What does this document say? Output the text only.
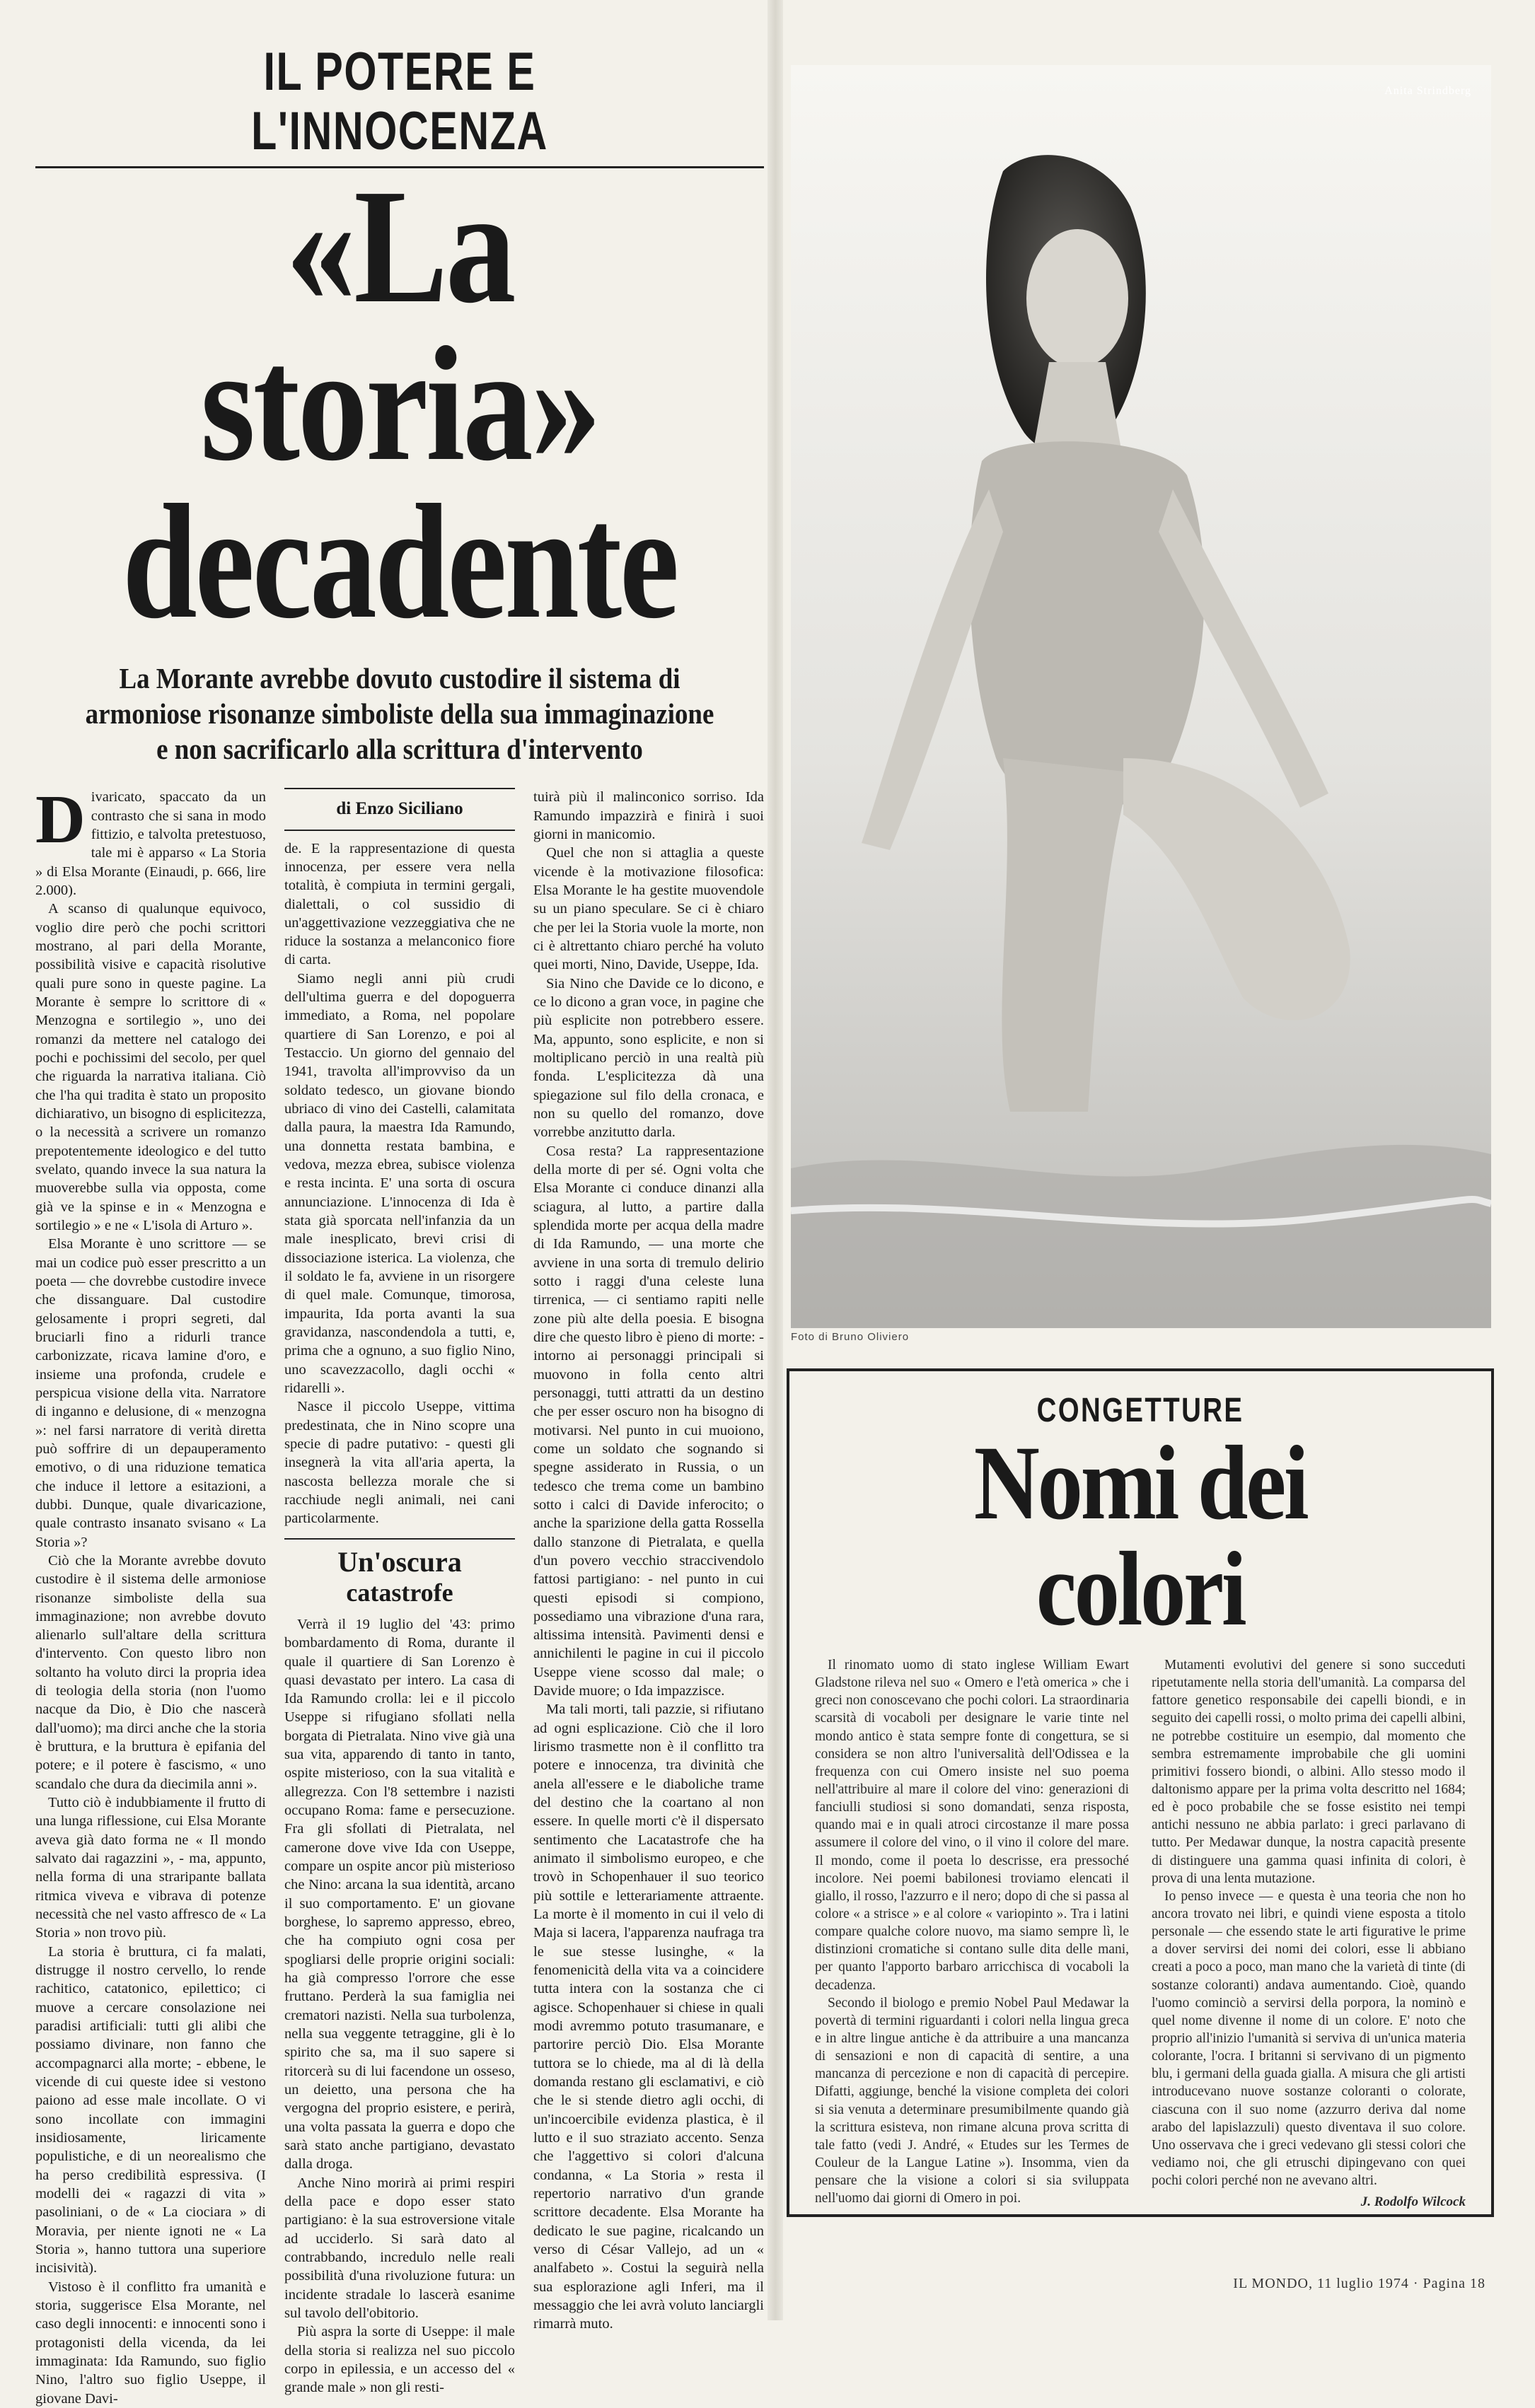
IL POTERE E L'INNOCENZA
«La storia»
decadente
La Morante avrebbe dovuto custodire il sistema di armoniose risonanze simboliste della sua immaginazione e non sacrificarlo alla scrittura d'intervento

Divaricato, spaccato da un contrasto che si sana in modo fittizio, e talvolta pretestuoso, tale mi è apparso « La Storia » di Elsa Morante (Einaudi, p. 666, lire 2.000).

A scanso di qualunque equivoco, voglio dire però che pochi scrittori mostrano, al pari della Morante, possibilità visive e capacità risolutive quali pure sono in queste pagine. La Morante è sempre lo scrittore di « Menzogna e sortilegio », uno dei romanzi da mettere nel catalogo dei pochi e pochissimi del secolo, per quel che riguarda la narrativa italiana. Ciò che l'ha qui tradita è stato un proposito dichiarativo, un bisogno di esplicitezza, o la necessità a scrivere un romanzo prepotentemente ideologico e del tutto svelato, quando invece la sua natura la muoverebbe sulla via opposta, come già ve la spinse e in « Menzogna e sortilegio » e ne « L'isola di Arturo ».

Elsa Morante è uno scrittore — se mai un codice può esser prescritto a un poeta — che dovrebbe custodire invece che dissanguare. Dal custodire gelosamente i propri segreti, dal bruciarli fino a ridurli trance carbonizzate, ricava lamine d'oro, e insieme una profonda, crudele e perspicua visione della vita. Narratore di inganno e delusione, di « menzogna »: nel farsi narratore di verità diretta può soffrire di un depauperamento emotivo, o di una riduzione tematica che induce il lettore a esitazioni, a dubbi. Dunque, quale divaricazione, quale contrasto insanato svisano « La Storia »?

Ciò che la Morante avrebbe dovuto custodire è il sistema delle armoniose risonanze simboliste della sua immaginazione; non avrebbe dovuto alienarlo sull'altare della scrittura d'intervento. Con questo libro non soltanto ha voluto dirci la propria idea di teologia della storia (non l'uomo nacque da Dio, è Dio che nascerà dall'uomo); ma dirci anche che la storia è bruttura, e la bruttura è epifania del potere; e il potere è fascismo, « uno scandalo che dura da diecimila anni ».

Tutto ciò è indubbiamente il frutto di una lunga riflessione, cui Elsa Morante aveva già dato forma ne « Il mondo salvato dai ragazzini », - ma, appunto, nella forma di una straripante ballata ritmica viveva e vibrava di potenze necessità che nel vasto affresco de « La Storia » non trovo più.

La storia è bruttura, ci fa malati, distrugge il nostro cervello, lo rende rachitico, catatonico, epilettico; ci muove a cercare consolazione nei paradisi artificiali: tutti gli alibi che possiamo divinare, non fanno che accompagnarci alla morte; - ebbene, le vicende di cui queste idee si vestono paiono ad esse male incollate. O vi sono incollate con immagini insidiosamente, liricamente populistiche, e di un neorealismo che ha perso credibilità espressiva. (I modelli dei « ragazzi di vita » pasoliniani, o de « La ciociara » di Moravia, per niente ignoti ne « La Storia », hanno tuttora una superiore incisività).

Vistoso è il conflitto fra umanità e storia, suggerisce Elsa Morante, nel caso degli innocenti: e innocenti sono i protagonisti della vicenda, da lei immaginata: Ida Ramundo, suo figlio Nino, l'altro suo figlio Useppe, il giovane Davi-

di Enzo Siciliano

de. E la rappresentazione di questa innocenza, per essere vera nella totalità, è compiuta in termini gergali, dialettali, o col sussidio di un'aggettivazione vezzeggiativa che ne riduce la sostanza a melanconico fiore di carta.

Siamo negli anni più crudi dell'ultima guerra e del dopoguerra immediato, a Roma, nel popolare quartiere di San Lorenzo, e poi al Testaccio. Un giorno del gennaio del 1941, travolta all'improvviso da un soldato tedesco, un giovane biondo ubriaco di vino dei Castelli, calamitata dalla paura, la maestra Ida Ramundo, una donnetta restata bambina, e vedova, mezza ebrea, subisce violenza e resta incinta. E' una sorta di oscura annunciazione. L'innocenza di Ida è stata già sporcata nell'infanzia da un male inesplicato, brevi crisi di dissociazione isterica. La violenza, che il soldato le fa, avviene in un risorgere di quel male. Comunque, timorosa, impaurita, Ida porta avanti la sua gravidanza, nascondendola a tutti, e, prima che a ognuno, a suo figlio Nino, uno scavezzacollo, dagli occhi « ridarelli ».

Nasce il piccolo Useppe, vittima predestinata, che in Nino scopre una specie di padre putativo: - questi gli insegnerà la vita all'aria aperta, la nascosta bellezza morale che si racchiude negli animali, nei cani particolarmente.

Un'oscura
catastrofe

Verrà il 19 luglio del '43: primo bombardamento di Roma, durante il quale il quartiere di San Lorenzo è quasi devastato per intero. La casa di Ida Ramundo crolla: lei e il piccolo Useppe si rifugiano sfollati nella borgata di Pietralata. Nino vive già una sua vita, apparendo di tanto in tanto, ospite misterioso, con la sua vitalità e allegrezza. Con l'8 settembre i nazisti occupano Roma: fame e persecuzione. Fra gli sfollati di Pietralata, nel camerone dove vive Ida con Useppe, compare un ospite ancor più misterioso che Nino: arcana la sua identità, arcano il suo comportamento. E' un giovane borghese, lo sapremo appresso, ebreo, che ha compiuto ogni cosa per spogliarsi delle proprie origini sociali: ha già compresso l'orrore che esse fruttano. Perderà la sua famiglia nei crematori nazisti. Nella sua turbolenza, nella sua veggente tetraggine, gli è lo spirito che sa, ma il suo sapere si ritorcerà su di lui facendone un osseso, un deietto, una persona che ha vergogna del proprio esistere, e perirà, una volta passata la guerra e dopo che sarà stato anche partigiano, devastato dalla droga.

Anche Nino morirà ai primi respiri della pace e dopo esser stato partigiano: è la sua estroversione vitale ad ucciderlo. Si sarà dato al contrabbando, incredulo nelle reali possibilità d'una rivoluzione futura: un incidente stradale lo lascerà esanime sul tavolo dell'obitorio.

Più aspra la sorte di Useppe: il male della storia si realizza nel suo piccolo corpo in epilessia, e un accesso del « grande male » non gli resti-

tuirà più il malinconico sorriso. Ida Ramundo impazzirà e finirà i suoi giorni in manicomio.

Quel che non si attaglia a queste vicende è la motivazione filosofica: Elsa Morante le ha gestite muovendole su un piano speculare. Se ci è chiaro che per lei la Storia vuole la morte, non ci è altrettanto chiaro perché ha voluto quei morti, Nino, Davide, Useppe, Ida.

Sia Nino che Davide ce lo dicono, e ce lo dicono a gran voce, in pagine che più esplicite non potrebbero essere. Ma, appunto, sono esplicite, e non si moltiplicano perciò in una realtà più fonda. L'esplicitezza dà una spiegazione sul filo della cronaca, e non su quello del romanzo, dove vorrebbe anzitutto darla.

Cosa resta? La rappresentazione della morte di per sé. Ogni volta che Elsa Morante ci conduce dinanzi alla sciagura, al lutto, a partire dalla splendida morte per acqua della madre di Ida Ramundo, — una morte che avviene in una sorta di tremulo delirio sotto i raggi d'una celeste luna tirrenica, — ci sentiamo rapiti nelle zone più alte della poesia. E bisogna dire che questo libro è pieno di morte: - intorno ai personaggi principali si muovono in folla cento altri personaggi, tutti attratti da un destino che per esser oscuro non ha bisogno di motivarsi. Nel punto in cui muoiono, come un soldato che sognando si spegne assiderato in Russia, o un tedesco che trema come un bambino sotto i calci di Davide inferocito; o anche la sparizione della gatta Rossella dallo stanzone di Pietralata, e quella d'un povero vecchio straccivendolo fattosi partigiano: - nel punto in cui questi episodi si compiono, possediamo una vibrazione d'una rara, altissima intensità. Pavimenti densi e annichilenti le pagine in cui il piccolo Useppe viene scosso dal male; o Davide muore; o Ida impazzisce.

Ma tali morti, tali pazzie, si rifiutano ad ogni esplicazione. Ciò che il loro lirismo trasmette non è il conflitto tra potere e innocenza, tra divinità che anela all'essere e le diaboliche trame del destino che la coartano al non essere. In quelle morti c'è il dispersato sentimento che Lacatastrofe che ha animato il simbolismo europeo, e che trovò in Schopenhauer il suo teorico più sottile e letterariamente attraente. La morte è il momento in cui il velo di Maja si lacera, l'apparenza naufraga tra le sue stesse lusinghe, « la fenomenicità della vita va a coincidere tutta intera con la sostanza che ci agisce. Schopenhauer si chiese in quali modi avremmo potuto trasumanare, e partorire perciò Dio. Elsa Morante tuttora se lo chiede, ma al di là della domanda restano gli esclamativi, e ciò che le si stende dietro agli occhi, di un'incoercibile evidenza plastica, è il lutto e il suo straziato accento. Senza che l'aggettivo si colori d'alcuna condanna, « La Storia » resta il repertorio narrativo d'un grande scrittore decadente. Elsa Morante ha dedicato le sue pagine, ricalcando un verso di César Vallejo, ad un « analfabeto ». Costui la seguirà nella sua esplorazione agli Inferi, ma il messaggio che lei avrà voluto lanciargli rimarrà muto.

Anita Strindberg
Foto di Bruno Oliviero
CONGETTURE
Nomi dei colori

Il rinomato uomo di stato inglese William Ewart Gladstone rileva nel suo « Omero e l'età omerica » che i greci non conoscevano che pochi colori. La straordinaria scarsità di vocaboli per designare le varie tinte nel mondo antico è stata sempre fonte di congettura, se si considera se non altro l'universalità dell'Odissea e la frequenza con cui Omero insiste nel suo poema nell'attribuire al mare il colore del vino: generazioni di fanciulli studiosi si sono domandati, senza risposta, quando mai e in quali atroci circostanze il mare possa assumere il colore del vino, o il vino il colore del mare. Il mondo, come il poeta lo descrisse, era pressoché incolore. Nei poemi babilonesi troviamo elencati il giallo, il rosso, l'azzurro e il nero; dopo di che si passa al colore « a strisce » e al colore « variopinto ». Tra i latini compare qualche colore nuovo, ma siamo sempre lì, le distinzioni cromatiche si contano sulle dita delle mani, per quanto l'apporto barbaro arricchisca di vocaboli la decadenza.

Secondo il biologo e premio Nobel Paul Medawar la povertà di termini riguardanti i colori nella lingua greca e in altre lingue antiche è da attribuire a una mancanza di sensazioni e non di capacità di sentire, a una mancanza di percezione e non di capacità di percepire. Difatti, aggiunge, benché la visione completa dei colori si sia venuta a determinare presumibilmente quando già la scrittura esisteva, non rimane alcuna prova scritta di tale fatto (vedi J. André, « Etudes sur les Termes de Couleur de la Langue Latine »). Insomma, vien da pensare che la visione a colori si sia sviluppata nell'uomo dai giorni di Omero in poi.

Mutamenti evolutivi del genere si sono succeduti ripetutamente nella storia dell'umanità. La comparsa del fattore genetico responsabile dei capelli biondi, e in seguito dei capelli rossi, o molto prima dei capelli albini, ne potrebbe costituire un esempio, dal momento che sembra estremamente improbabile che gli uomini primitivi fossero biondi, o albini. Allo stesso modo il daltonismo appare per la prima volta descritto nel 1684; ed è poco probabile che se fosse esistito nei tempi antichi nessuno ne abbia parlato: i greci parlavano di tutto. Per Medawar dunque, la nostra capacità presente di distinguere una gamma quasi infinita di colori, è prova di una lenta mutazione.

Io penso invece — e questa è una teoria che non ho ancora trovato nei libri, e quindi viene esposta a titolo personale — che essendo state le arti figurative le prime a dover servirsi dei nomi dei colori, esse li abbiano creati a poco a poco, man mano che la varietà di tinte (di sostanze coloranti) andava aumentando. Cioè, quando l'uomo cominciò a servirsi della porpora, la nominò e quel nome divenne il nome di un colore. E' noto che proprio all'inizio l'umanità si serviva di un'unica materia colorante, l'ocra. I britanni si servivano di un pigmento blu, i germani della guada gialla. A misura che gli artisti introducevano nuove sostanze coloranti o colorate, ciascuna con il suo nome (azzurro deriva dal nome arabo del lapislazzuli) questo diventava il suo colore. Uno osservava che i greci vedevano gli stessi colori che vediamo noi, che gli etruschi dipingevano con quei pochi colori perché non ne avevano altri.

J. Rodolfo Wilcock
IL MONDO, 11 luglio 1974 · Pagina 18
